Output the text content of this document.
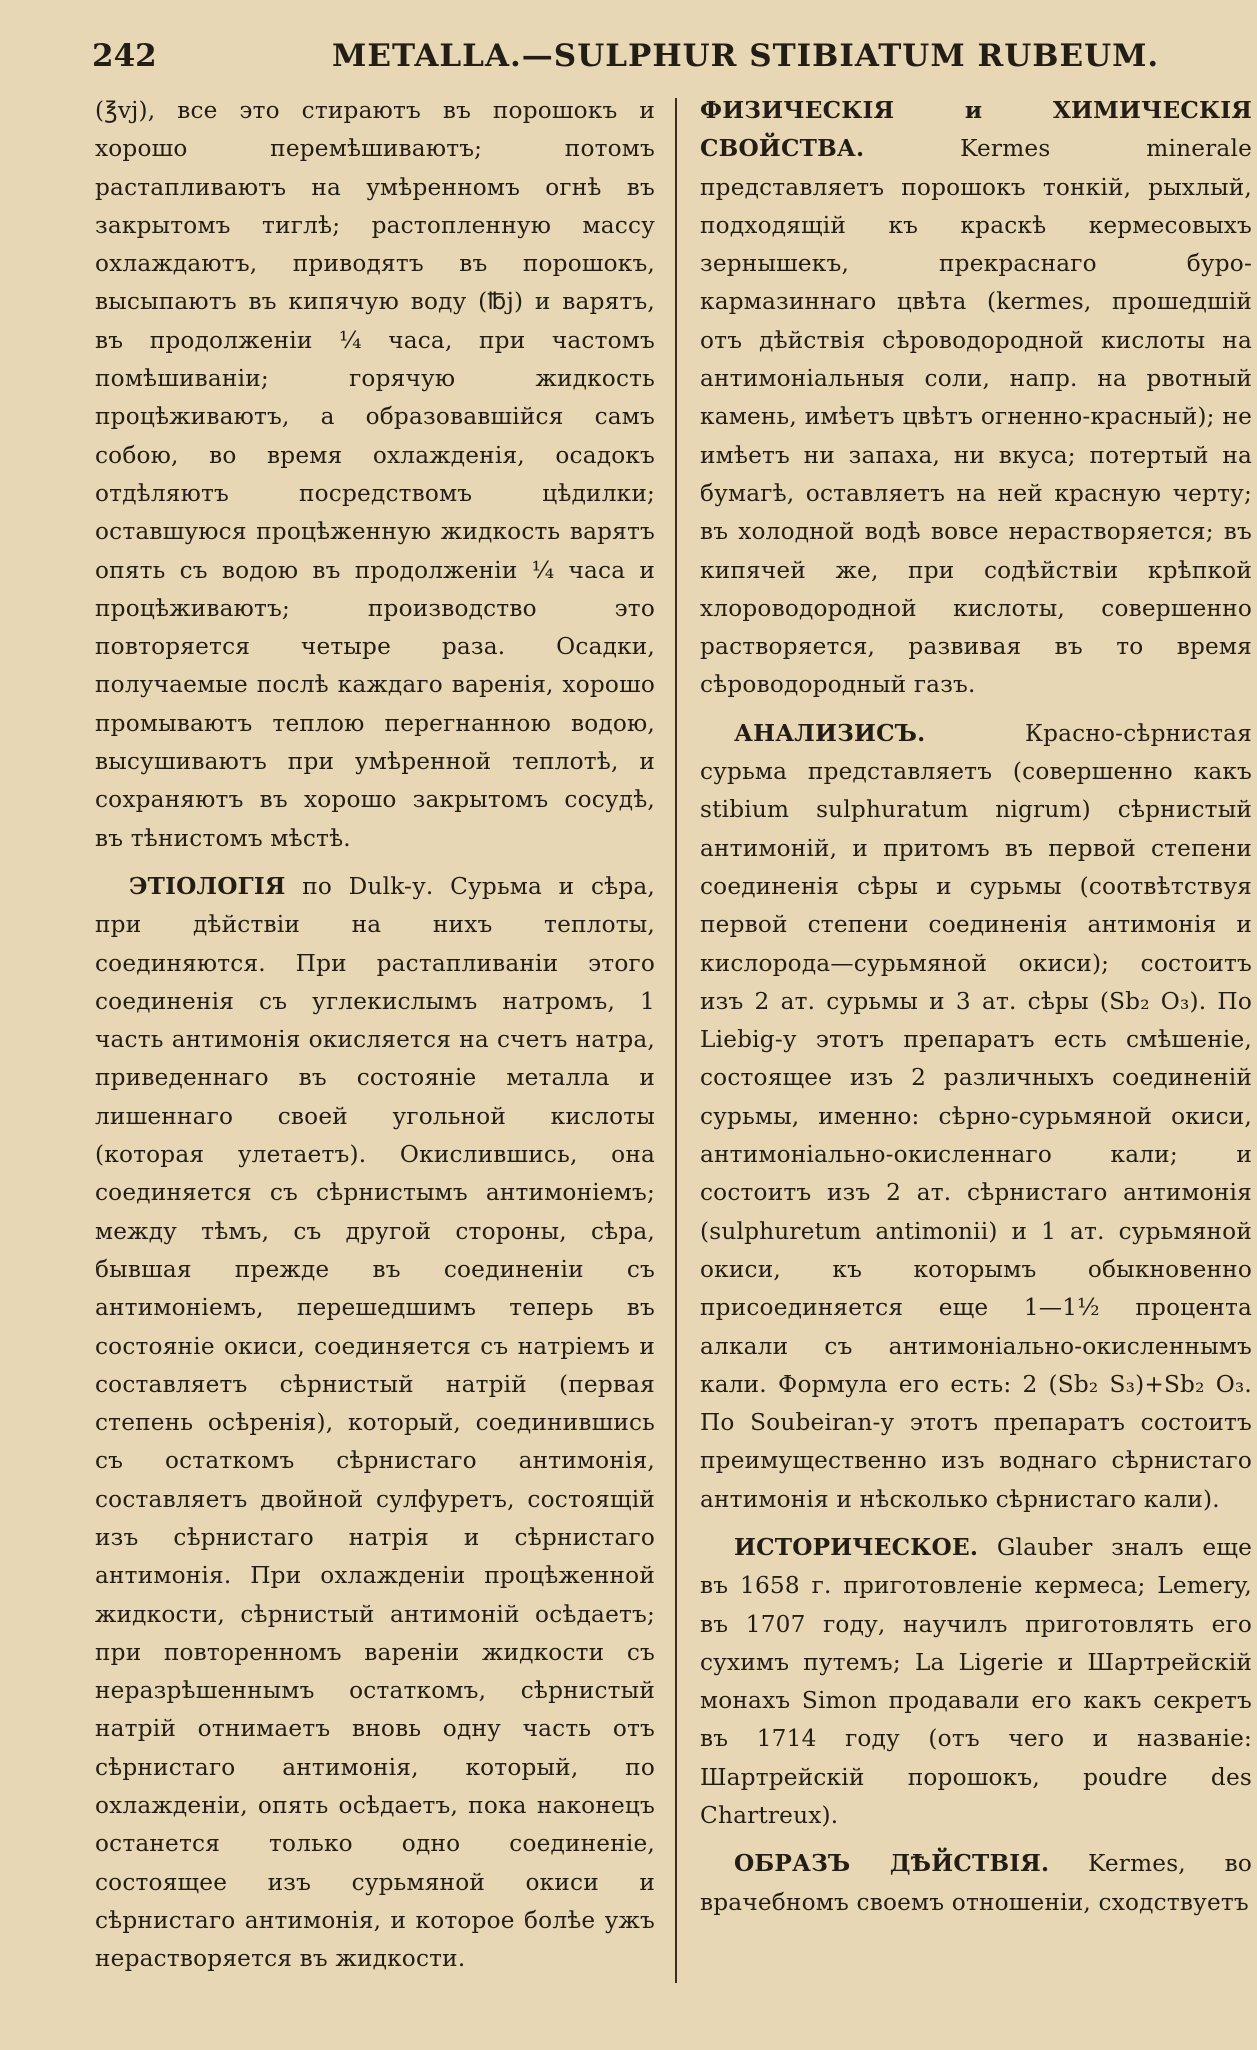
242	METALLA.—SULPHUR STIBIATUM RUBEUM.

(℥vj), все это стираютъ въ порошокъ и хорошо перемѣшиваютъ; потомъ растапливаютъ на умѣренномъ огнѣ въ закрытомъ тиглѣ; растопленную массу охлаждаютъ, приводятъ въ порошокъ, высыпаютъ въ кипячую воду (℔j) и варятъ, въ продолженіи ¼ часа, при частомъ помѣшиваніи; горячую жидкость процѣживаютъ, а образовавшійся самъ собою, во время охлажденія, осадокъ отдѣляютъ посредствомъ цѣдилки; оставшуюся процѣженную жидкость варятъ опять съ водою въ продолженіи ¼ часа и процѣживаютъ; производство это повторяется четыре раза. Осадки, получаемые послѣ каждаго варенія, хорошо промываютъ теплою перегнанною водою, высушиваютъ при умѣренной теплотѣ, и сохраняютъ въ хорошо закрытомъ сосудѣ, въ тѣнистомъ мѣстѣ.

ЭТІОЛОГІЯ по Dulk-у. Сурьма и сѣра, при дѣйствіи на нихъ теплоты, соединяются. При растапливаніи этого соединенія съ углекислымъ натромъ, 1 часть антимонія окисляется на счетъ натра, приведеннаго въ состояніе металла и лишеннаго своей угольной кислоты (которая улетаетъ). Окислившись, она соединяется съ сѣрнистымъ антимоніемъ; между тѣмъ, съ другой стороны, сѣра, бывшая прежде въ соединеніи съ антимоніемъ, перешедшимъ теперь въ состояніе окиси, соединяется съ натріемъ и составляетъ сѣрнистый натрій (первая степень осѣренія), который, соединившись съ остаткомъ сѣрнистаго антимонія, составляетъ двойной сулфуретъ, состоящій изъ сѣрнистаго натрія и сѣрнистаго антимонія. При охлажденіи процѣженной жидкости, сѣрнистый антимоній осѣдаетъ; при повторенномъ вареніи жидкости съ неразрѣшеннымъ остаткомъ, сѣрнистый натрій отнимаетъ вновь одну часть отъ сѣрнистаго антимонія, который, по охлажденіи, опять осѣдаетъ, пока наконецъ останется только одно соединеніе, состоящее изъ сурьмяной окиси и сѣрнистаго антимонія, и которое болѣе ужъ нерастворяется въ жидкости.

ФИЗИЧЕСКІЯ и ХИМИЧЕСКІЯ СВОЙСТВА.	Kermes minerale представляетъ порошокъ тонкій, рыхлый, подходящій къ краскѣ кермесовыхъ зернышекъ, прекраснаго буро-кармазиннаго цвѣта (kermes, прошедшій отъ дѣйствія сѣроводородной кислоты на антимоніальныя соли, напр. на рвотный камень, имѣетъ цвѣтъ огненно-красный); не имѣетъ ни запаха, ни вкуса; потертый на бумагѣ, оставляетъ на ней красную черту; въ холодной водѣ вовсе нерастворяется; въ кипячей же, при содѣйствіи крѣпкой хлороводородной кислоты, совершенно растворяется, развивая въ то время сѣроводородный газъ.

АНАЛИЗИСЪ.	Красно-сѣрнистая сурьма представляетъ (совершенно какъ stibium sulphuratum nigrum) сѣрнистый антимоній, и притомъ въ первой степени соединенія сѣры и сурьмы (соотвѣтствуя первой степени соединенія антимонія и кислорода—сурьмяной окиси); состоитъ изъ 2 ат. сурьмы и 3 ат. сѣры (Sb₂ O₃). По Liebig-у этотъ препаратъ есть смѣшеніе, состоящее изъ 2 различныхъ соединеній сурьмы, именно: сѣрно-сурьмяной окиси, антимоніально-окисленнаго кали; и состоитъ изъ 2 ат. сѣрнистаго антимонія (sulphuretum antimonii) и 1 ат. сурьмяной окиси, къ которымъ обыкновенно присоединяется еще 1—1½ процента алкали съ антимоніально-окисленнымъ кали. Формула его есть: 2 (Sb₂ S₃)+Sb₂ O₃. По Soubeiran-у этотъ препаратъ состоитъ преимущественно изъ воднаго сѣрнистаго антимонія и нѣсколько сѣрнистаго кали).

ИСТОРИЧЕСКОЕ. Glauber зналъ еще въ 1658 г. приготовленіе кермеса; Lemery, въ 1707 году, научилъ приготовлять его сухимъ путемъ; La Ligerie и Шартрейскій монахъ Simon продавали его какъ секретъ въ 1714 году (отъ чего и названіе: Шартрейскій порошокъ, poudre des Chartreux).

ОБРАЗЪ ДѢЙСТВІЯ. Kermes, во врачебномъ своемъ отношеніи, сходствуетъ
